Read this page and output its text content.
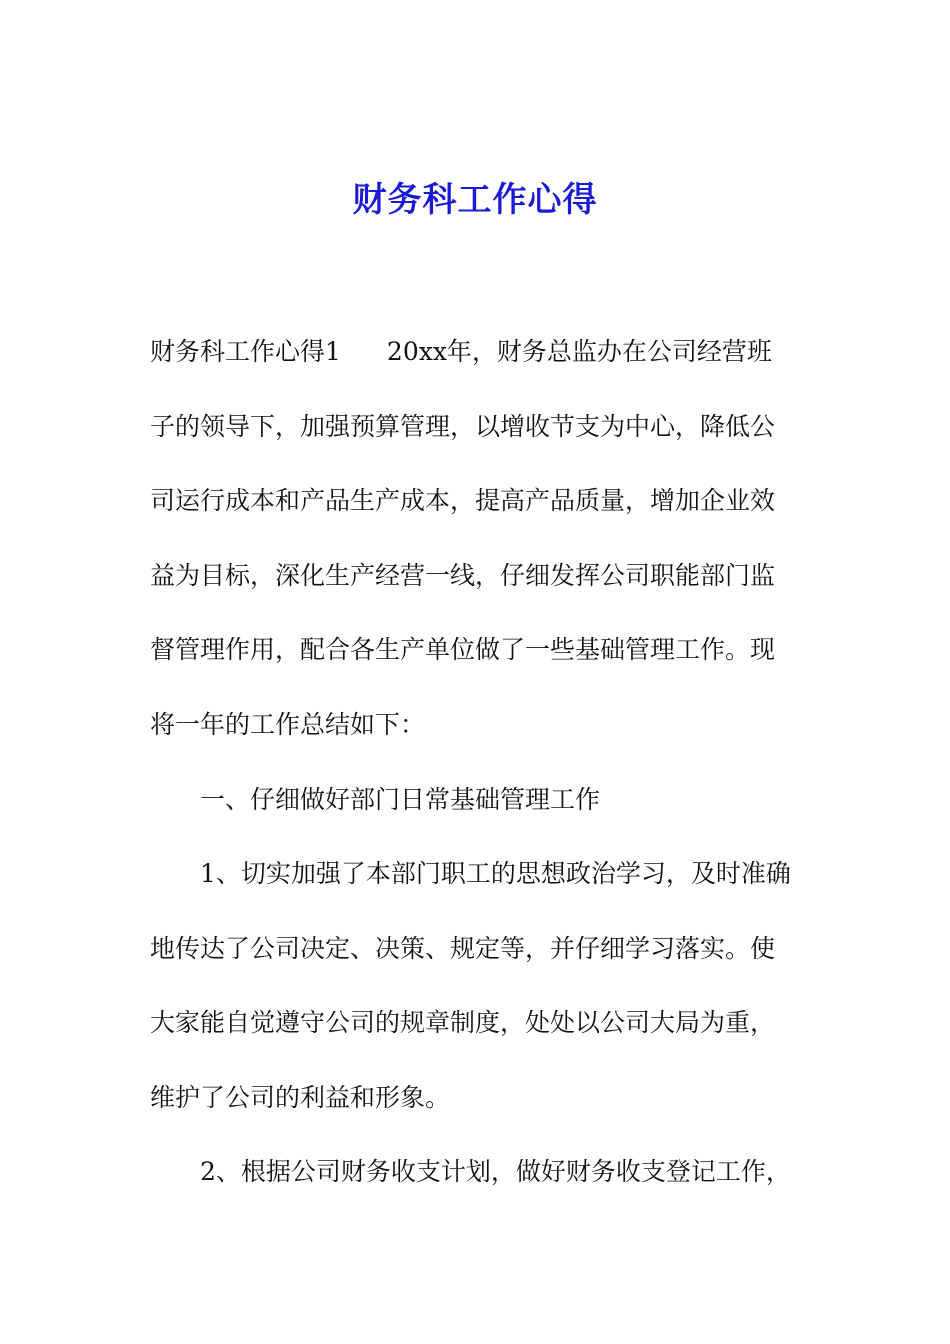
财务科工作心得
财务科工作心得1 20xx年，财务总监办在公司经营班
子的领导下，加强预算管理，以增收节支为中心，降低公
司运行成本和产品生产成本，提高产品质量，增加企业效
益为目标，深化生产经营一线，仔细发挥公司职能部门监
督管理作用，配合各生产单位做了一些基础管理工作。现
将一年的工作总结如下：
一、仔细做好部门日常基础管理工作
1、切实加强了本部门职工的思想政治学习，及时准确
地传达了公司决定、决策、规定等，并仔细学习落实。使
大家能自觉遵守公司的规章制度，处处以公司大局为重，
维护了公司的利益和形象。
2、根据公司财务收支计划，做好财务收支登记工作，
